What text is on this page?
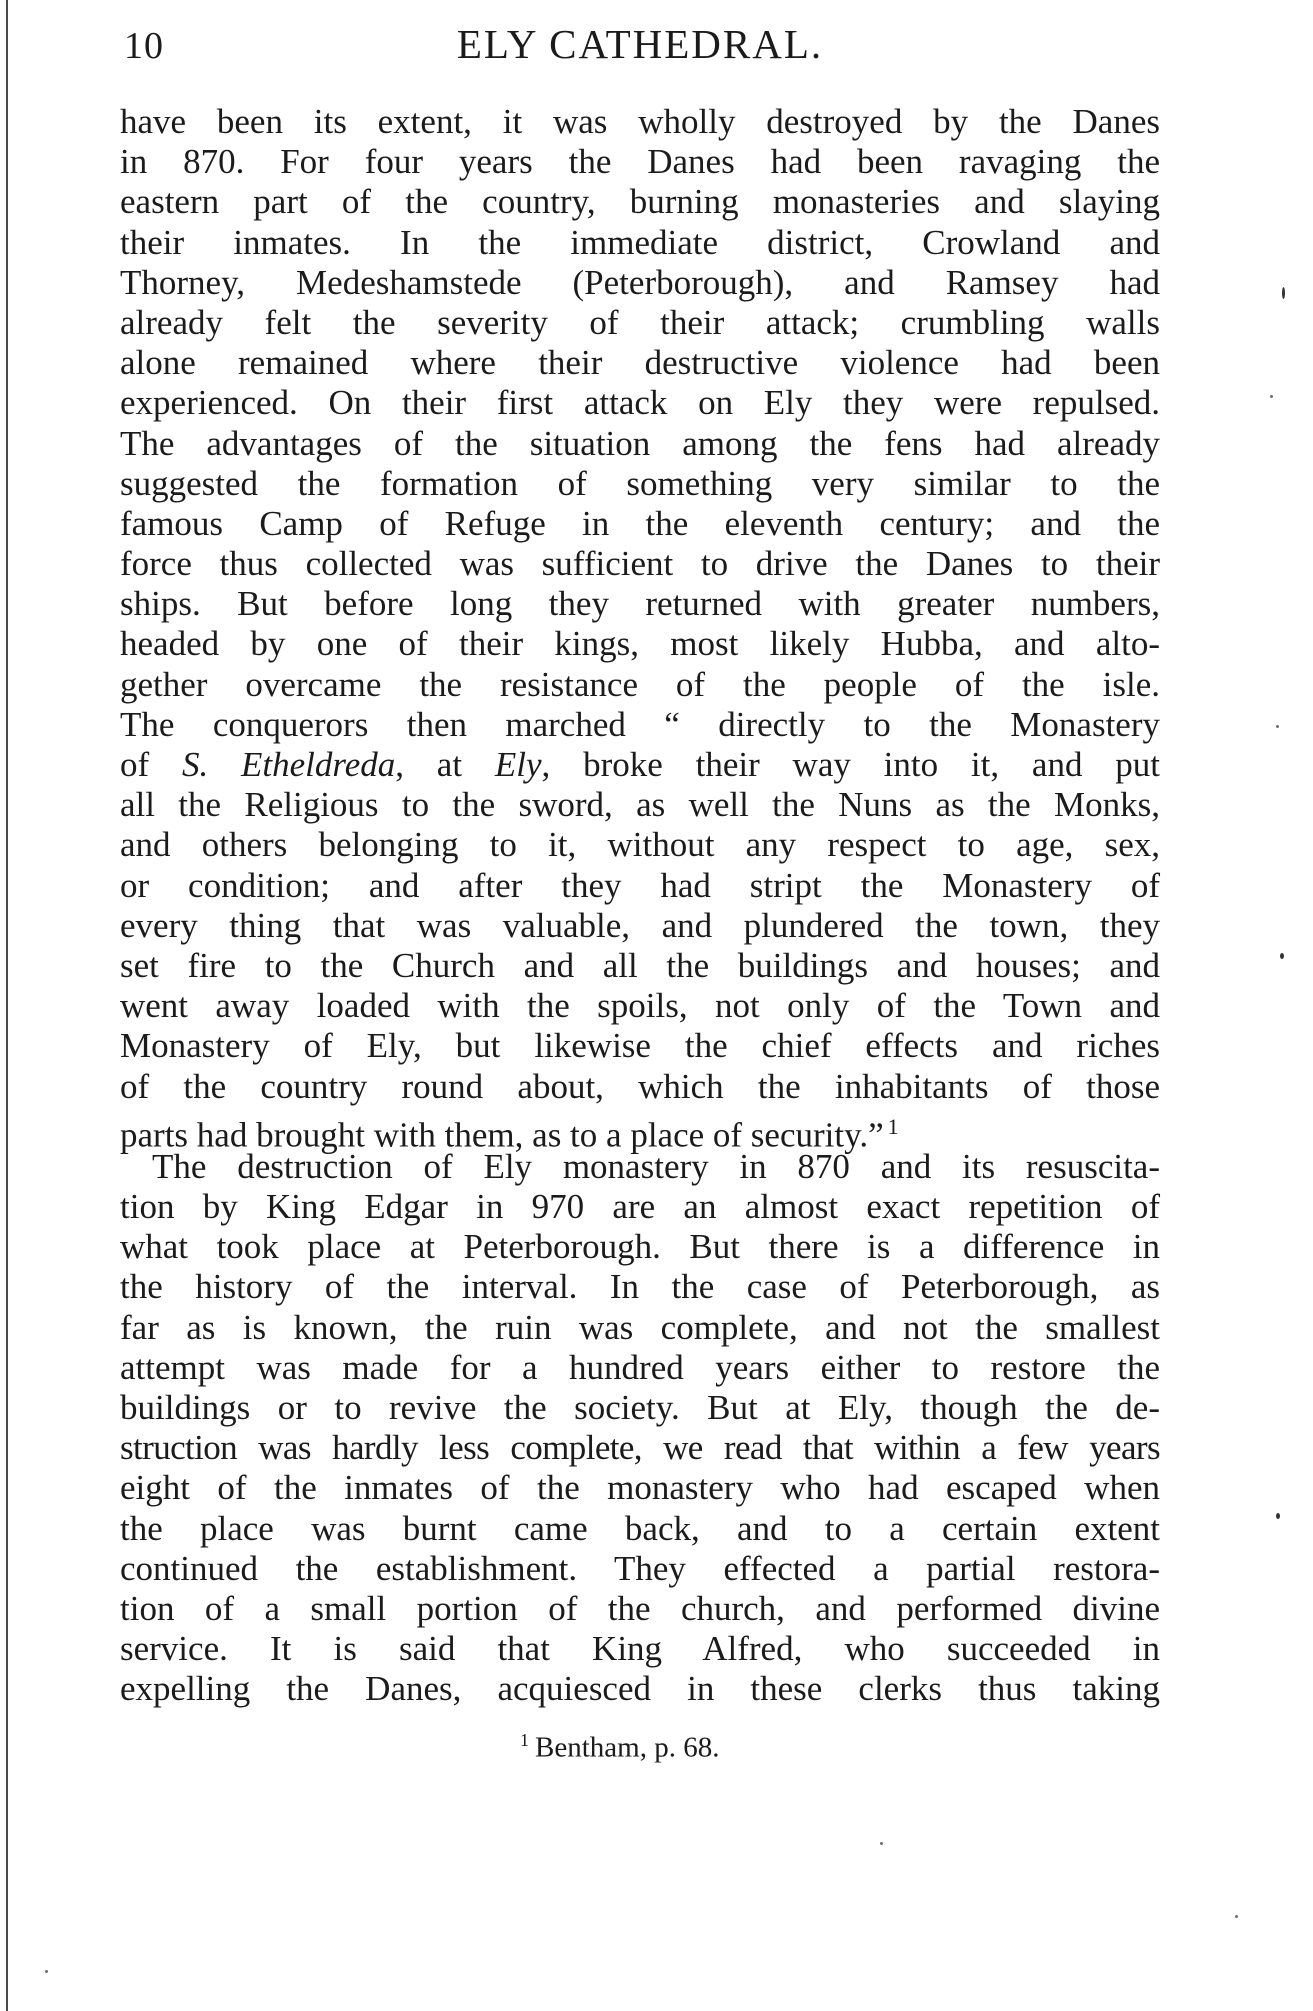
10	ELY CATHEDRAL.
have been its extent, it was wholly destroyed by the Danes
in 870. For four years the Danes had been ravaging the
eastern part of the country, burning monasteries and slaying
their inmates. In the immediate district, Crowland and
Thorney, Medeshamstede (Peterborough), and Ramsey had
already felt the severity of their attack; crumbling walls
alone remained where their destructive violence had been
experienced. On their first attack on Ely they were repulsed.
The advantages of the situation among the fens had already
suggested the formation of something very similar to the
famous Camp of Refuge in the eleventh century; and the
force thus collected was sufficient to drive the Danes to their
ships. But before long they returned with greater numbers,
headed by one of their kings, most likely Hubba, and alto-
gether overcame the resistance of the people of the isle.
The conquerors then marched “ directly to the Monastery
of S. Etheldreda, at Ely, broke their way into it, and put
all the Religious to the sword, as well the Nuns as the Monks,
and others belonging to it, without any respect to age, sex,
or condition; and after they had stript the Monastery of
every thing that was valuable, and plundered the town, they
set fire to the Church and all the buildings and houses; and
went away loaded with the spoils, not only of the Town and
Monastery of Ely, but likewise the chief effects and riches
of the country round about, which the inhabitants of those
parts had brought with them, as to a place of security.” $^1$
The destruction of Ely monastery in 870 and its resuscita-
tion by King Edgar in 970 are an almost exact repetition of
what took place at Peterborough. But there is a difference in
the history of the interval. In the case of Peterborough, as
far as is known, the ruin was complete, and not the smallest
attempt was made for a hundred years either to restore the
buildings or to revive the society. But at Ely, though the de-
struction was hardly less complete, we read that within a few years
eight of the inmates of the monastery who had escaped when
the place was burnt came back, and to a certain extent
continued the establishment. They effected a partial restora-
tion of a small portion of the church, and performed divine
service. It is said that King Alfred, who succeeded in
expelling the Danes, acquiesced in these clerks thus taking
$^1$ Bentham, p. 68.
